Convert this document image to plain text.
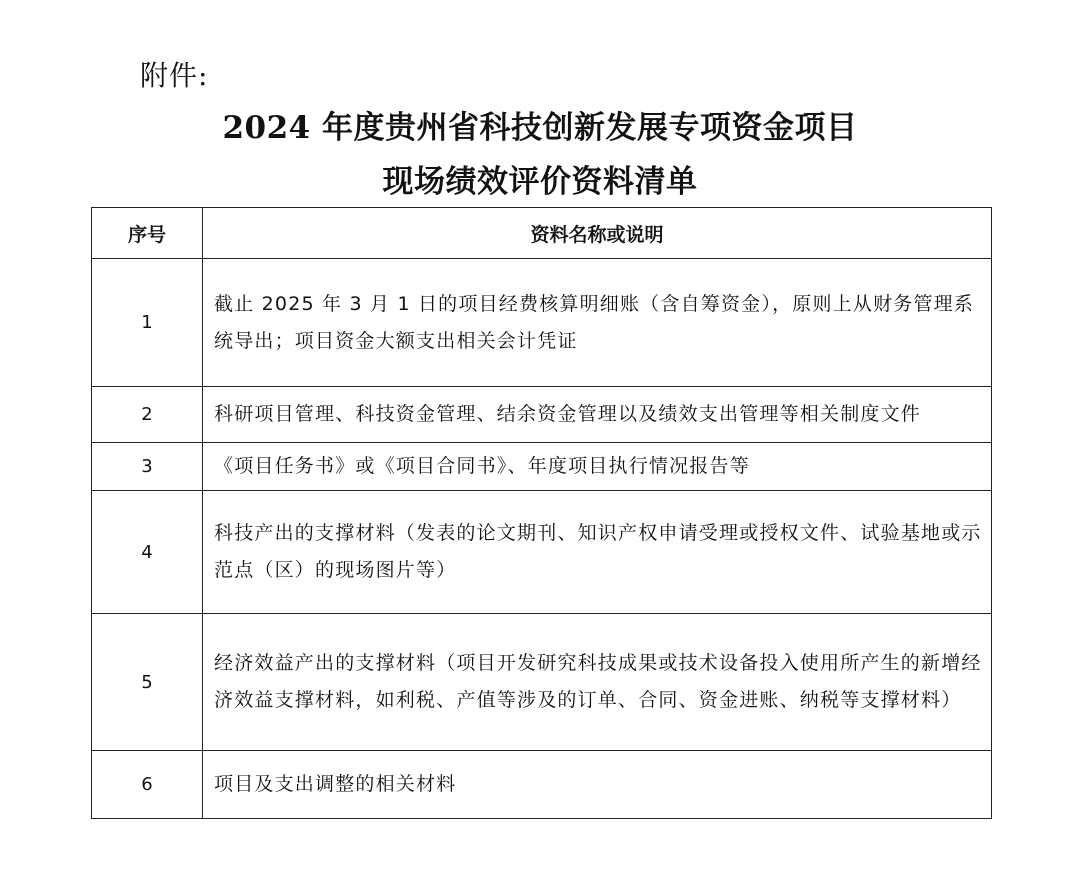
附件:
2024 年度贵州省科技创新发展专项资金项目
现场绩效评价资料清单
序号	资料名称或说明
1	截止 2025 年 3 月 1 日的项目经费核算明细账（含自筹资金），原则上从财务管理系统导出；项目资金大额支出相关会计凭证
2	科研项目管理、科技资金管理、结余资金管理以及绩效支出管理等相关制度文件
3	《项目任务书》或《项目合同书》、年度项目执行情况报告等
4	科技产出的支撑材料（发表的论文期刊、知识产权申请受理或授权文件、试验基地或示范点（区）的现场图片等）
5	经济效益产出的支撑材料（项目开发研究科技成果或技术设备投入使用所产生的新增经济效益支撑材料，如利税、产值等涉及的订单、合同、资金进账、纳税等支撑材料）
6	项目及支出调整的相关材料
